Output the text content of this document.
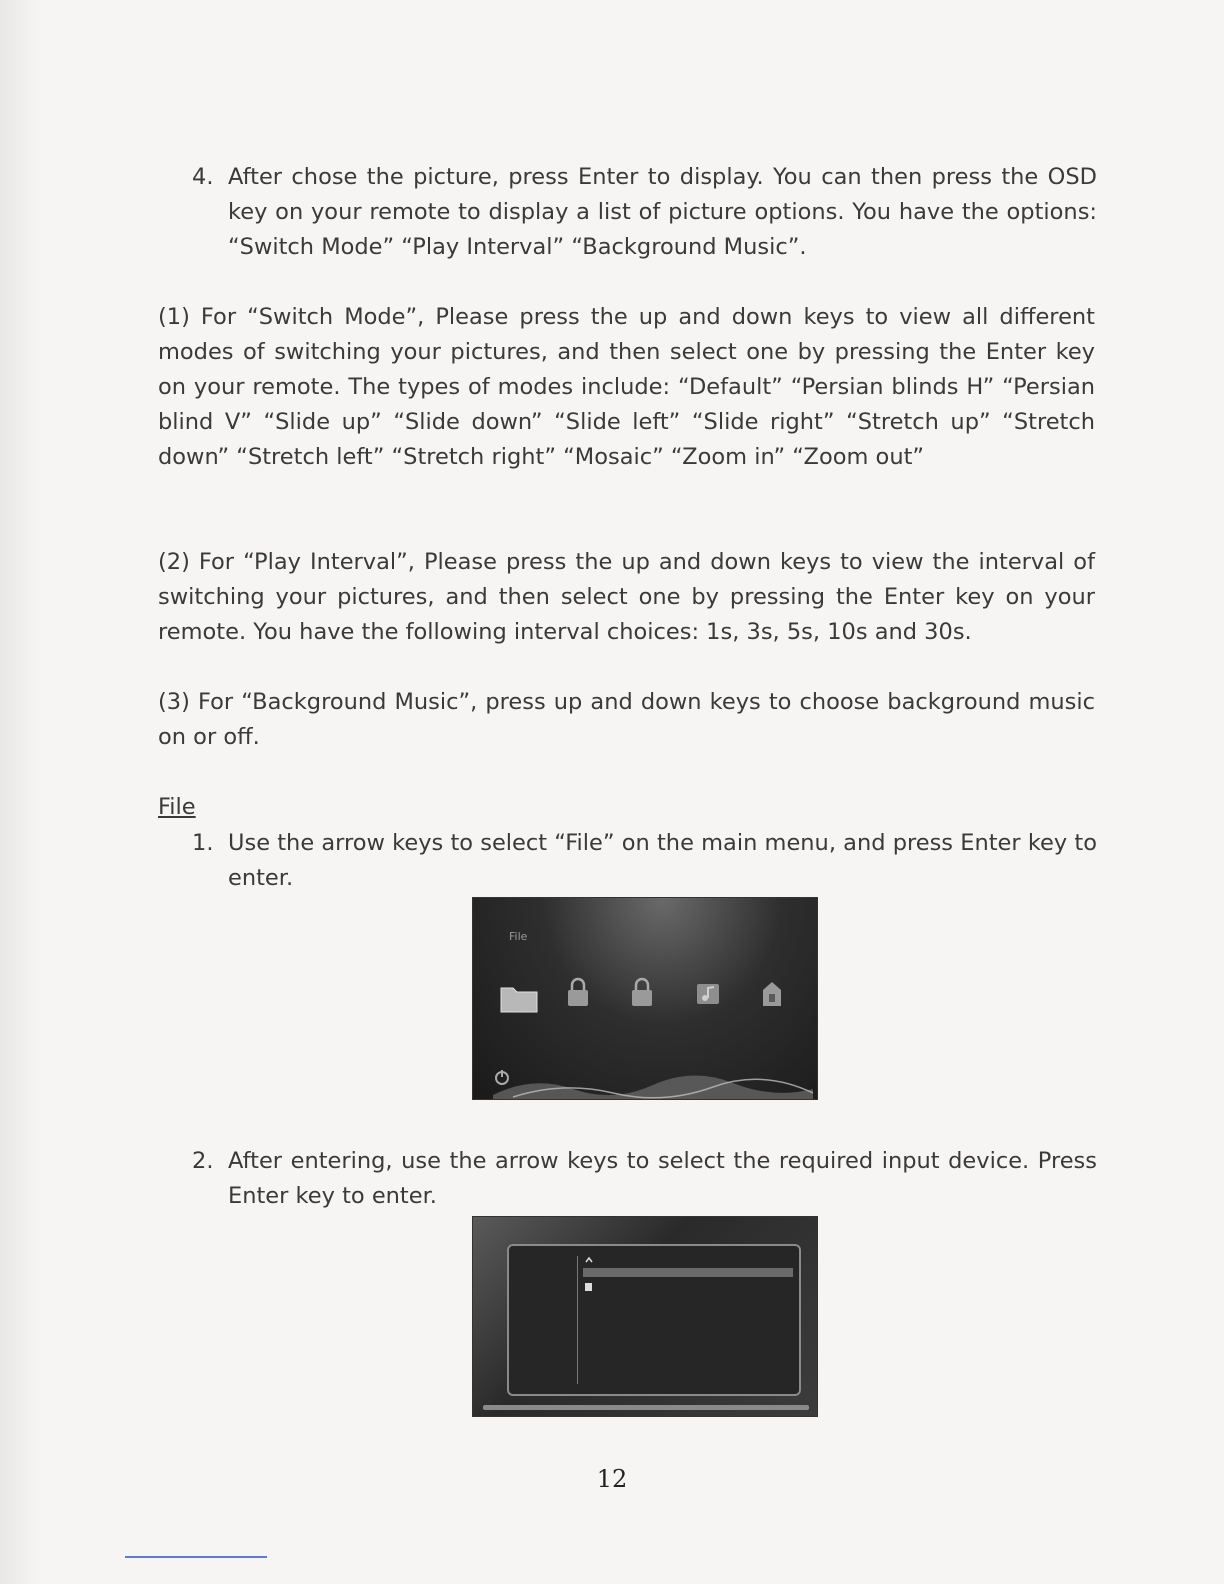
4. After chose the picture, press Enter to display. You can then press the OSD key on your remote to display a list of picture options. You have the options: “Switch Mode” “Play Interval” “Background Music”.

(1) For “Switch Mode”, Please press the up and down keys to view all different modes of switching your pictures, and then select one by pressing the Enter key on your remote. The types of modes include: “Default” “Persian blinds H” “Persian blind V” “Slide up” “Slide down” “Slide left” “Slide right” “Stretch up” “Stretch down” “Stretch left” “Stretch right” “Mosaic” “Zoom in” “Zoom out”

(2) For “Play Interval”, Please press the up and down keys to view the interval of switching your pictures, and then select one by pressing the Enter key on your remote. You have the following interval choices: 1s, 3s, 5s, 10s and 30s.

(3) For “Background Music”, press up and down keys to choose background music on or off.

File

1. Use the arrow keys to select “File” on the main menu, and press Enter key to enter.
File
2. After entering, use the arrow keys to select the required input device. Press Enter key to enter.
12
